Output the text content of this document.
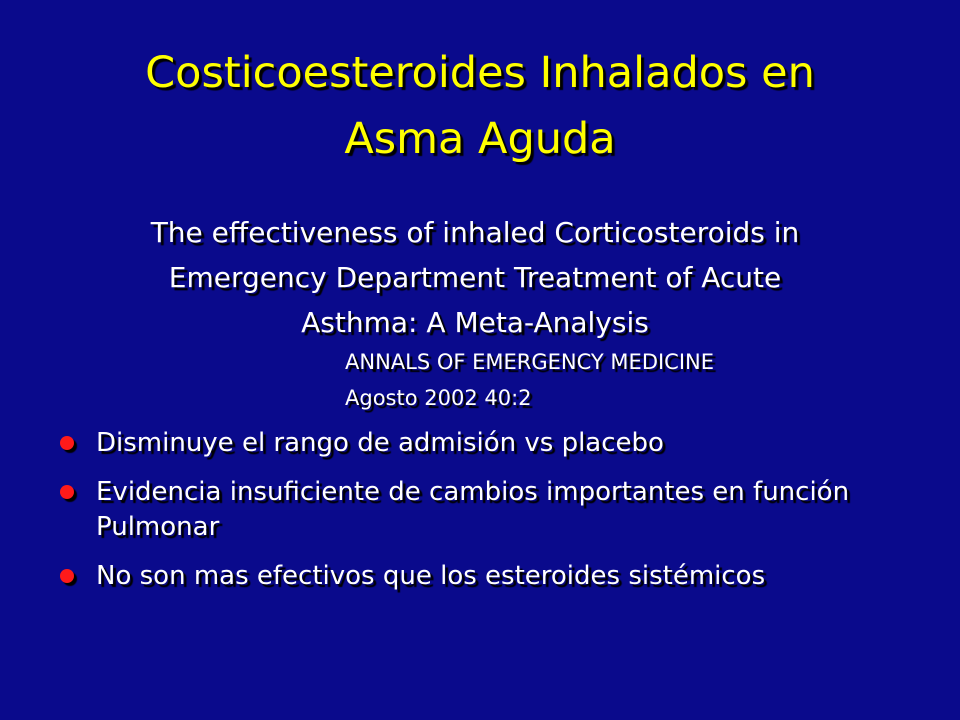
Costicoesteroides Inhalados en
Asma Aguda
The effectiveness of inhaled Corticosteroids in
Emergency Department Treatment of Acute
Asthma: A Meta-Analysis
ANNALS OF EMERGENCY MEDICINE
Agosto 2002 40:2
Disminuye el rango de admisión vs placebo
Evidencia insuficiente de cambios importantes en función Pulmonar
No son mas efectivos que los esteroides sistémicos
